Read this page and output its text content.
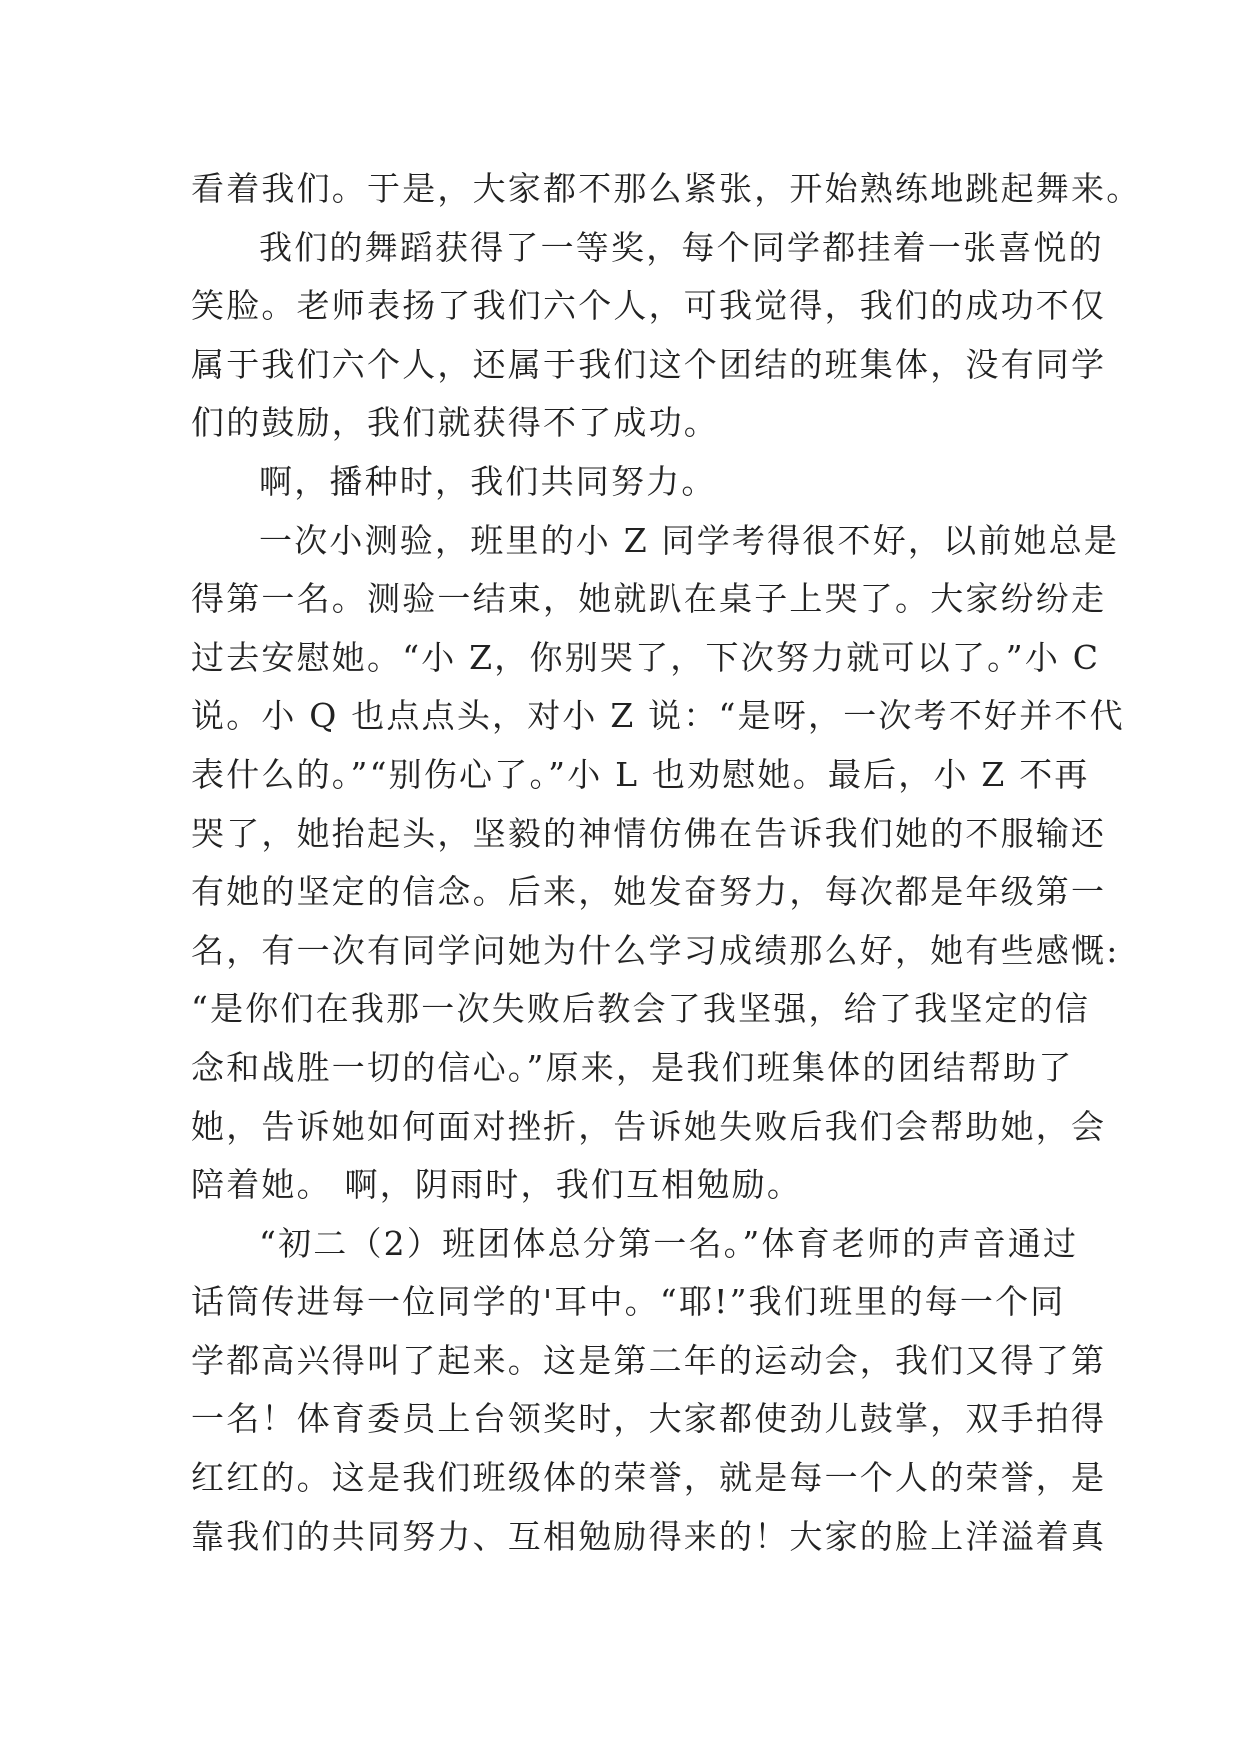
看着我们。于是，大家都不那么紧张，开始熟练地跳起舞来。
我们的舞蹈获得了一等奖，每个同学都挂着一张喜悦的
笑脸。老师表扬了我们六个人，可我觉得，我们的成功不仅
属于我们六个人，还属于我们这个团结的班集体，没有同学
们的鼓励，我们就获得不了成功。
啊，播种时，我们共同努力。
一次小测验，班里的小 Z 同学考得很不好，以前她总是
得第一名。测验一结束，她就趴在桌子上哭了。大家纷纷走
过去安慰她。“小 Z，你别哭了，下次努力就可以了。”小 C
说。小 Q 也点点头，对小 Z 说：“是呀，一次考不好并不代
表什么的。”“别伤心了。”小 L 也劝慰她。最后，小 Z 不再
哭了，她抬起头，坚毅的神情仿佛在告诉我们她的不服输还
有她的坚定的信念。后来，她发奋努力，每次都是年级第一
名，有一次有同学问她为什么学习成绩那么好，她有些感慨:
“是你们在我那一次失败后教会了我坚强，给了我坚定的信
念和战胜一切的信心。”原来，是我们班集体的团结帮助了
她，告诉她如何面对挫折，告诉她失败后我们会帮助她，会
陪着她。 啊，阴雨时，我们互相勉励。
“初二（2）班团体总分第一名。”体育老师的声音通过
话筒传进每一位同学的'耳中。“耶!”我们班里的每一个同
学都高兴得叫了起来。这是第二年的运动会，我们又得了第
一名！体育委员上台领奖时，大家都使劲儿鼓掌，双手拍得
红红的。这是我们班级体的荣誉，就是每一个人的荣誉，是
靠我们的共同努力、互相勉励得来的！大家的脸上洋溢着真
